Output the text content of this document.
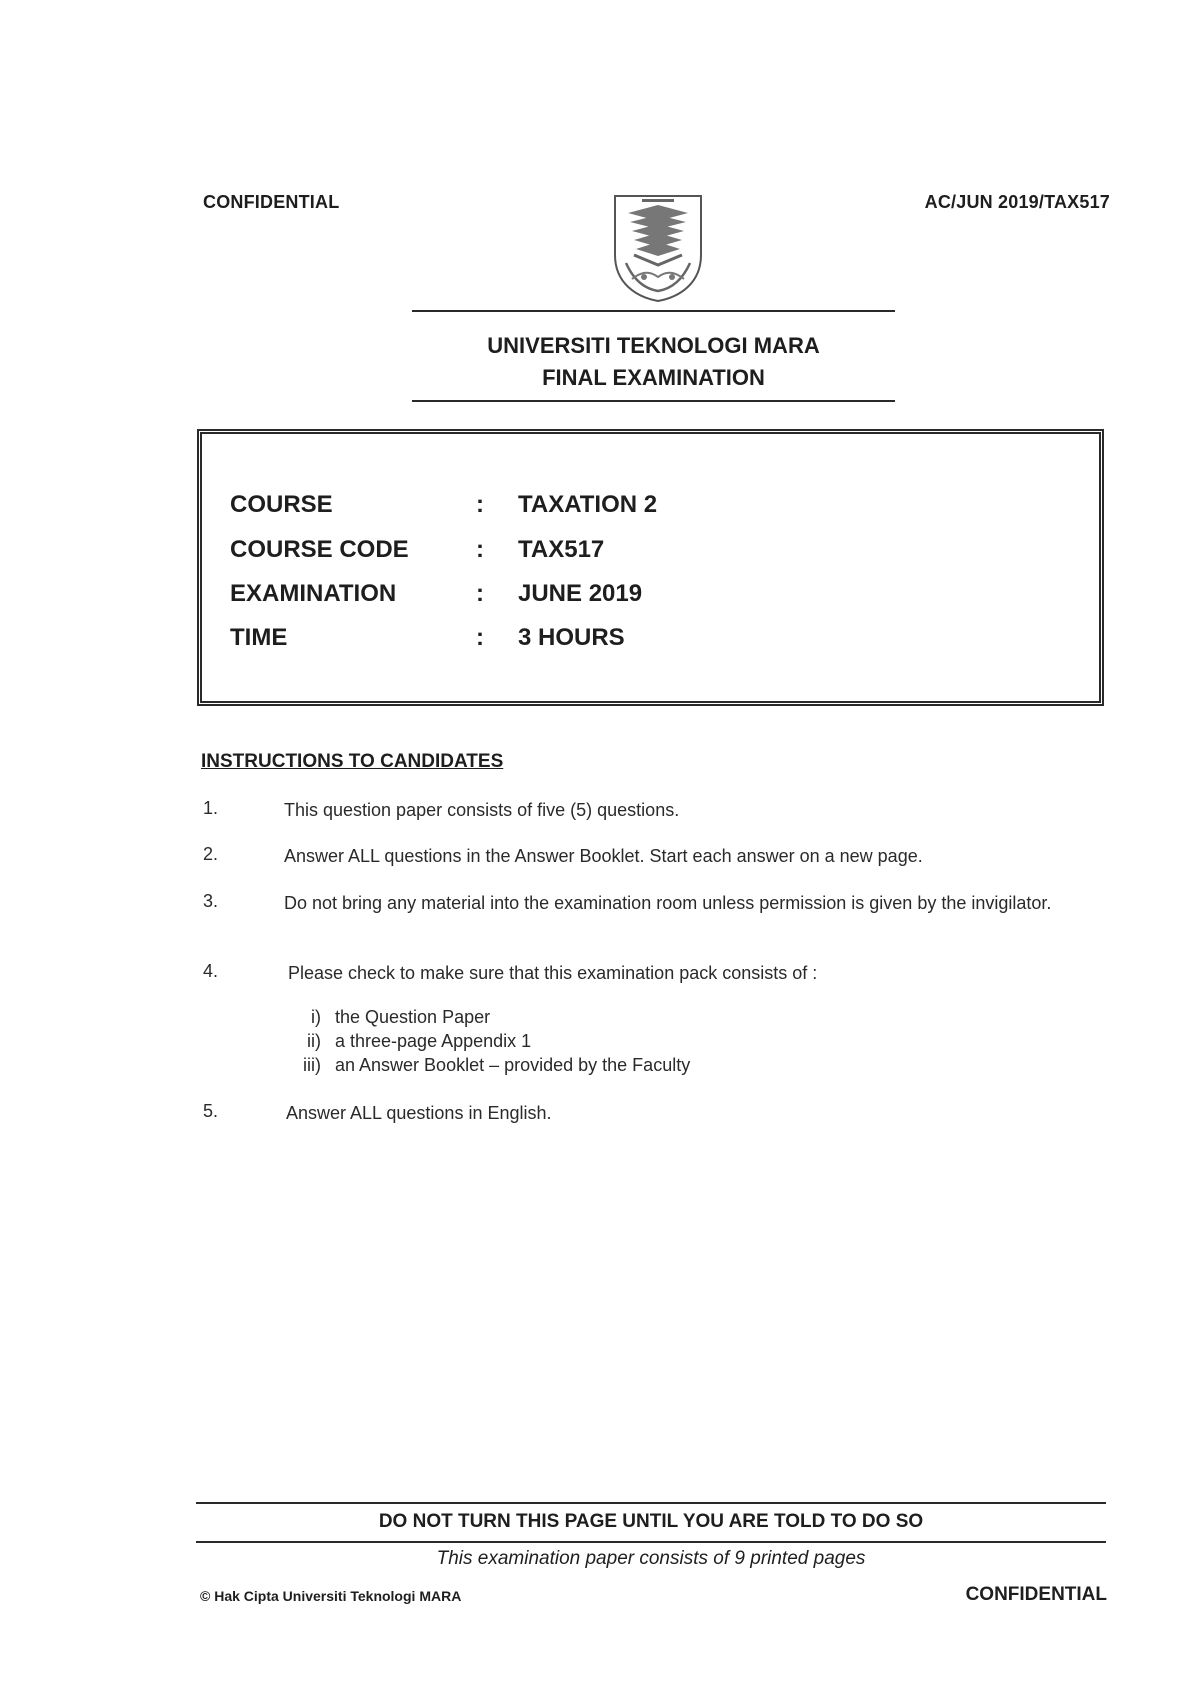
CONFIDENTIAL	AC/JUN 2019/TAX517
UNIVERSITI TEKNOLOGI MARA
FINAL EXAMINATION
COURSE	: TAXATION 2
COURSE CODE	: TAX517
EXAMINATION	: JUNE 2019
TIME	: 3 HOURS
INSTRUCTIONS TO CANDIDATES
1.	This question paper consists of five (5) questions.
2.	Answer ALL questions in the Answer Booklet. Start each answer on a new page.
3.	Do not bring any material into the examination room unless permission is given by the invigilator.
4.	Please check to make sure that this examination pack consists of :
i) the Question Paper
ii) a three-page Appendix 1
iii) an Answer Booklet – provided by the Faculty
5.	Answer ALL questions in English.
DO NOT TURN THIS PAGE UNTIL YOU ARE TOLD TO DO SO
This examination paper consists of 9 printed pages
© Hak Cipta Universiti Teknologi MARA	CONFIDENTIAL
